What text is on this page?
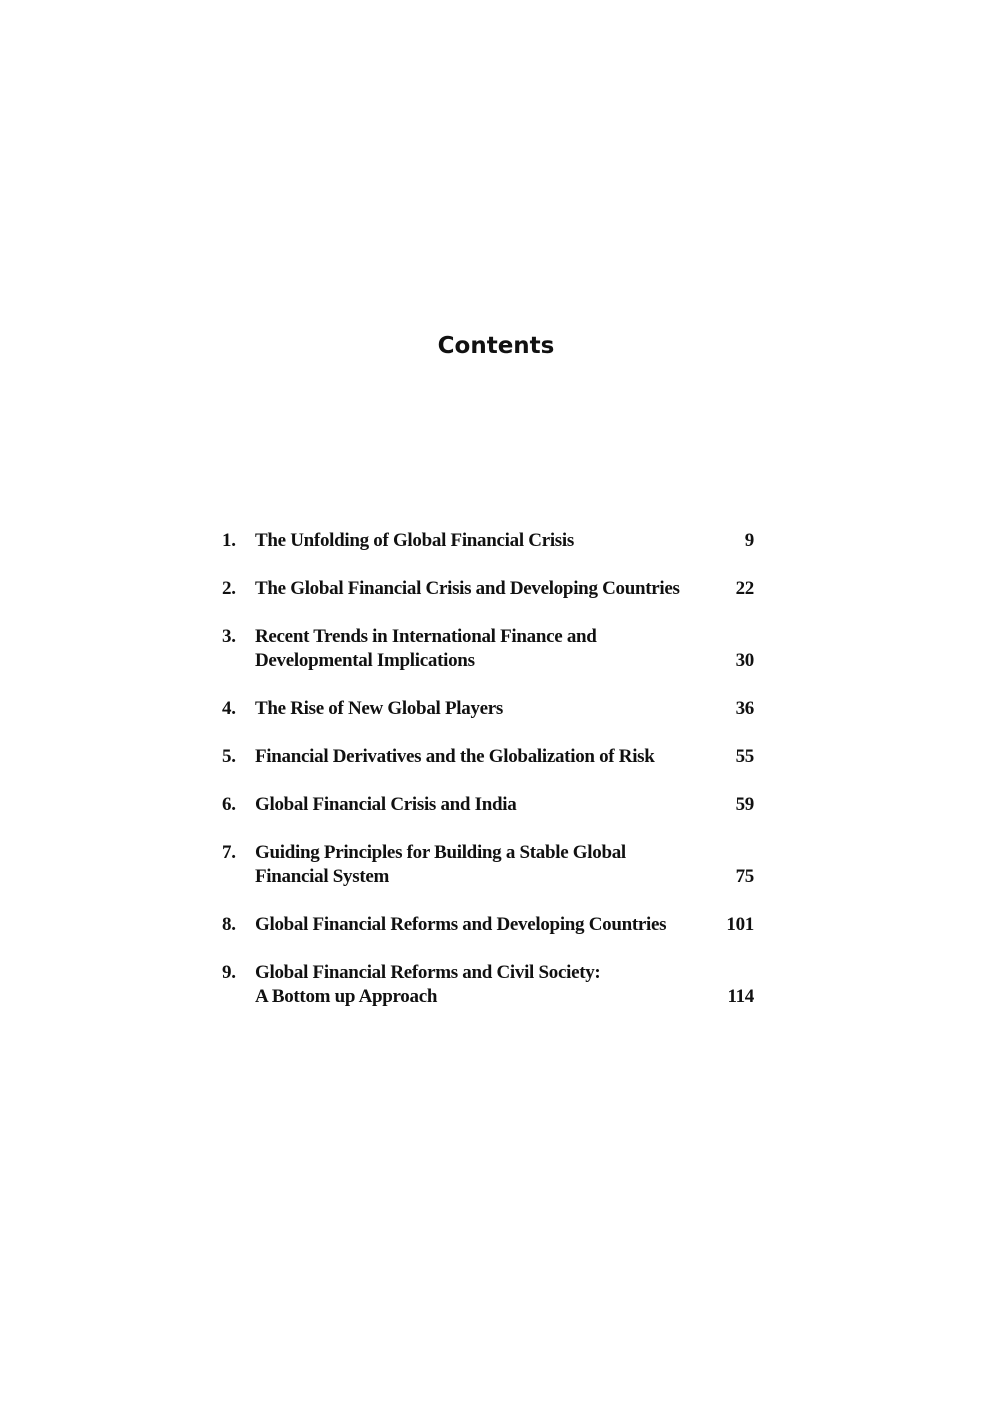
Contents
1.	The Unfolding of Global Financial Crisis	9
2.	The Global Financial Crisis and Developing Countries	22
3.	Recent Trends in International Finance and
Developmental Implications	30
4.	The Rise of New Global Players	36
5.	Financial Derivatives and the Globalization of Risk	55
6.	Global Financial Crisis and India	59
7.	Guiding Principles for Building a Stable Global
Financial System	75
8.	Global Financial Reforms and Developing Countries	101
9.	Global Financial Reforms and Civil Society:
A Bottom up Approach	114
